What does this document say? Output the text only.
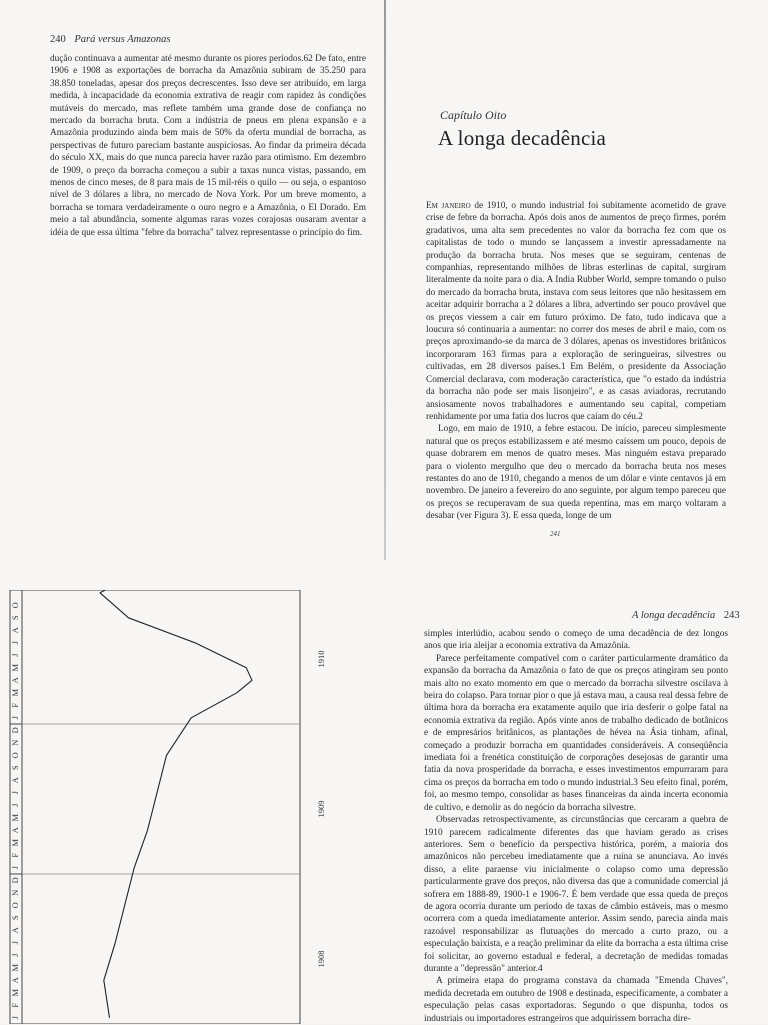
240 Pará versus Amazonas

dução continuava a aumentar até mesmo durante os piores períodos.62 De fato, entre 1906 e 1908 as exportações de borracha da Amazônia subiram de 35.250 para 38.850 toneladas, apesar dos preços decrescentes. Isso deve ser atribuído, em larga medida, à incapacidade da economia extrativa de reagir com rapidez às condições mutáveis do mercado, mas reflete também uma grande dose de confiança no mercado da borracha bruta. Com a indústria de pneus em plena expansão e a Amazônia produzindo ainda bem mais de 50% da oferta mundial de borracha, as perspectivas de futuro pareciam bastante auspiciosas. Ao findar da primeira década do século XX, mais do que nunca parecia haver razão para otimismo. Em dezembro de 1909, o preço da borracha começou a subir a taxas nunca vistas, passando, em menos de cinco meses, de 8 para mais de 15 mil-réis o quilo — ou seja, o espantoso nível de 3 dólares a libra, no mercado de Nova York. Por um breve momento, a borracha se tornara verdadeiramente o ouro negro e a Amazônia, o El Dorado. Em meio a tal abundância, somente algumas raras vozes corajosas ousaram aventar a idéia de que essa última "febre da borracha" talvez representasse o princípio do fim.

Capítulo Oito
A longa decadência

Em janeiro de 1910, o mundo industrial foi subitamente acometido de grave crise de febre da borracha. Após dois anos de aumentos de preço firmes, porém gradativos, uma alta sem precedentes no valor da borracha fez com que os capitalistas de todo o mundo se lançassem a investir apressadamente na produção da borracha bruta. Nos meses que se seguiram, centenas de companhias, representando milhões de libras esterlinas de capital, surgiram literalmente da noite para o dia. A India Rubber World, sempre tomando o pulso do mercado da borracha bruta, instava com seus leitores que não hesitassem em aceitar adquirir borracha a 2 dólares a libra, advertindo ser pouco provável que os preços viessem a cair em futuro próximo. De fato, tudo indicava que a loucura só continuaria a aumentar: no correr dos meses de abril e maio, com os preços aproximando-se da marca de 3 dólares, apenas os investidores britânicos incorporaram 163 firmas para a exploração de seringueiras, silvestres ou cultivadas, em 28 diversos países.1 Em Belém, o presidente da Associação Comercial declarava, com moderação característica, que "o estado da indústria da borracha não pode ser mais lisonjeiro", e as casas aviadoras, recrutando ansiosamente novos trabalhadores e aumentando seu capital, competiam renhidamente por uma fatia dos lucros que caíam do céu.2

Logo, em maio de 1910, a febre estacou. De início, pareceu simplesmente natural que os preços estabilizassem e até mesmo caíssem um pouco, depois de quase dobrarem em menos de quatro meses. Mas ninguém estava preparado para o violento mergulho que deu o mercado da borracha bruta nos meses restantes do ano de 1910, chegando a menos de um dólar e vinte centavos já em novembro. De janeiro a fevereiro do ano seguinte, por algum tempo pareceu que os preços se recuperavam de sua queda repentina, mas em março voltaram a desabar (ver Figura 3). E essa queda, longe de um

241
J
F
M
A
M
J
J
A
S
O
N
D
1908
J
F
M
A
M
J
J
A
S
O
N
D
1909
J
F
M
A
M
J
J
A
S
O
1910
A longa decadência 243

simples interlúdio, acabou sendo o começo de uma decadência de dez longos anos que iria aleijar a economia extrativa da Amazônia.

Parece perfeitamente compatível com o caráter particularmente dramático da expansão da borracha da Amazônia o fato de que os preços atingiram seu ponto mais alto no exato momento em que o mercado da borracha silvestre oscilava à beira do colapso. Para tornar pior o que já estava mau, a causa real dessa febre de última hora da borracha era exatamente aquilo que iria desferir o golpe fatal na economia extrativa da região. Após vinte anos de trabalho dedicado de botânicos e de empresários britânicos, as plantações de hévea na Ásia tinham, afinal, começado a produzir borracha em quantidades consideráveis. A conseqüência imediata foi a frenética constituição de corporações desejosas de garantir uma fatia da nova prosperidade da borracha, e esses investimentos empurraram para cima os preços da borracha em todo o mundo industrial.3 Seu efeito final, porém, foi, ao mesmo tempo, consolidar as bases financeiras da ainda incerta economia de cultivo, e demolir as do negócio da borracha silvestre.

Observadas retrospectivamente, as circunstâncias que cercaram a quebra de 1910 parecem radicalmente diferentes das que haviam gerado as crises anteriores. Sem o benefício da perspectiva histórica, porém, a maioria dos amazônicos não percebeu imediatamente que a ruína se anunciava. Ao invés disso, a elite paraense viu inicialmente o colapso como uma depressão particularmente grave dos preços, não diversa das que a comunidade comercial já sofrera em 1888-89, 1900-1 e 1906-7. É bem verdade que essa queda de preços de agora ocorria durante um período de taxas de câmbio estáveis, mas o mesmo ocorrera com a queda imediatamente anterior. Assim sendo, parecia ainda mais razoável responsabilizar as flutuações do mercado a curto prazo, ou a especulação baixista, e a reação preliminar da elite da borracha a esta última crise foi solicitar, ao governo estadual e federal, a decretação de medidas tomadas durante a "depressão" anterior.4

A primeira etapa do programa constava da chamada "Emenda Chaves", medida decretada em outubro de 1908 e destinada, especificamente, a combater a especulação pelas casas exportadoras. Segundo o que dispunha, todos os industriais ou importadores estrangeiros que adquirissem borracha dire-
